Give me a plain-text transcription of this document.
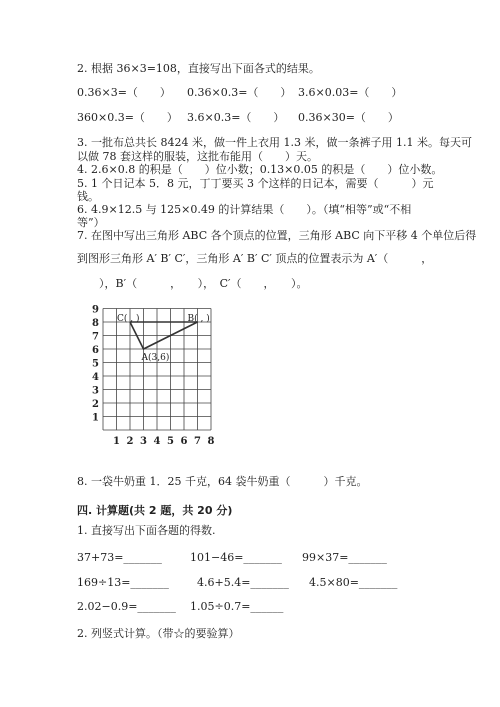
2. 根据 36×3=108，直接写出下面各式的结果。
0.36×3=（　　） 0.36×0.3=（　　） 3.6×0.03=（　　）
360×0.3=（　　） 3.6×0.3=（　　） 0.36×30=（　　）
3. 一批布总共长 8424 米，做一件上衣用 1.3 米，做一条裤子用 1.1 米。每天可
以做 78 套这样的服装，这批布能用（　　）天。
4. 2.6×0.8 的积是（　　）位小数；0.13×0.05 的积是（　　）位小数。
5. 1 个日记本 5．8 元，丁丁要买 3 个这样的日记本，需要（　　　）元
钱。
6. 4.9×12.5 与 125×0.49 的计算结果（　　）。（填“相等”或“不相
等”）
7. 在图中写出三角形 ABC 各个顶点的位置，三角形 ABC 向下平移 4 个单位后得
到图形三角形 A′ B′ C′，三角形 A′ B′ C′ 顶点的位置表示为 A′（　　　，
　　），B′（　　　，　　），　C′（　　，　　）。
1
2
3
4
5
6
7
8
9
1 2 3 4 5 6 7 8
C( , )	B( , )
A(3,6)
8. 一袋牛奶重 1．25 千克，64 袋牛奶重（　　　）千克。
四. 计算题(共 2 题，共 20 分)
1. 直接写出下面各题的得数.
37+73=_______	101−46=_______ 99×37=_______
169÷13=_______	4.6+5.4=_______ 4.5×80=_______
2.02−0.9=_______ 1.05÷0.7=______
2. 列竖式计算。（带☆的要验算）
